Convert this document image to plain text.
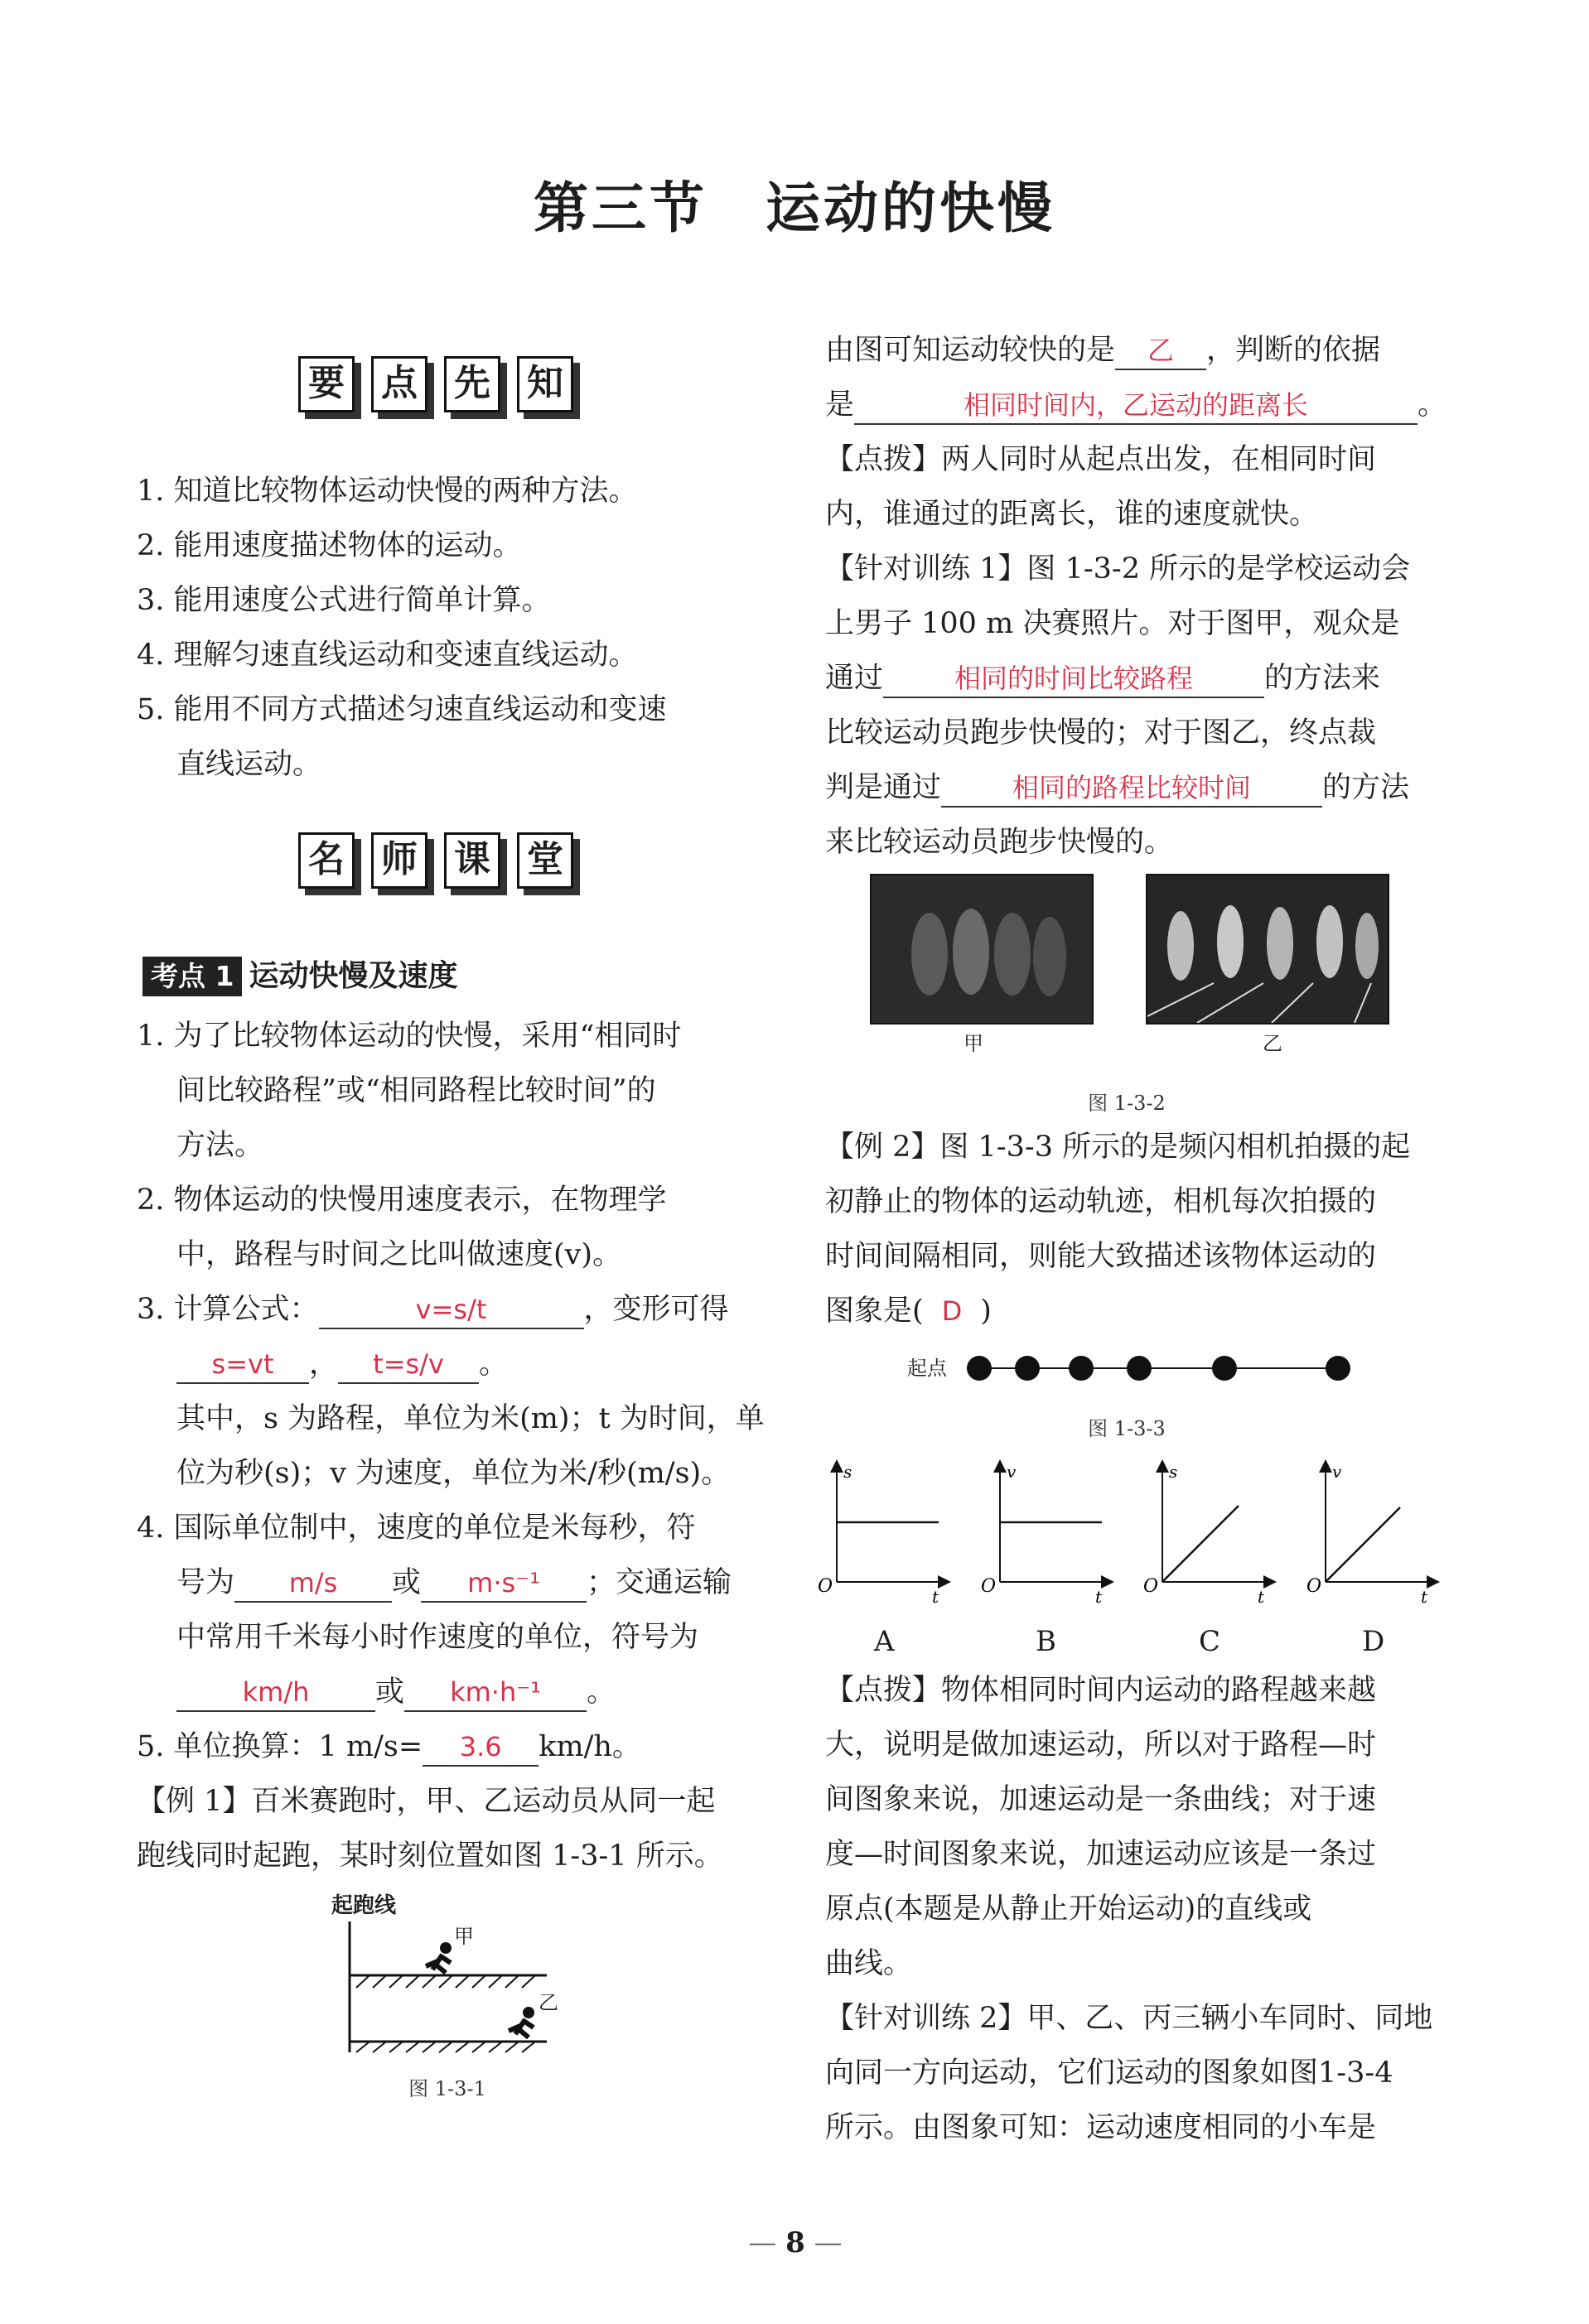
第三节　运动的快慢
要 点 先 知
1. 知道比较物体运动快慢的两种方法。
2. 能用速度描述物体的运动。
3. 能用速度公式进行简单计算。
4. 理解匀速直线运动和变速直线运动。
5. 能用不同方式描述匀速直线运动和变速
直线运动。
名 师 课 堂
考点 1 运动快慢及速度
1. 为了比较物体运动的快慢，采用“相同时
间比较路程”或“相同路程比较时间”的
方法。
2. 物体运动的快慢用速度表示，在物理学
中，路程与时间之比叫做速度(v)。
3. 计算公式：	v=s/t	，变形可得
s=vt ， t=s/v 。
其中，s 为路程，单位为米(m)；t 为时间，单
位为秒(s)；v 为速度，单位为米/秒(m/s)。
4. 国际单位制中，速度的单位是米每秒，符
号为 m/s 或 m·s⁻¹ ；交通运输
中常用千米每小时作速度的单位，符号为
km/h 或 km·h⁻¹ 。
5. 单位换算：1 m/s= 3.6 km/h。
【例 1】百米赛跑时，甲、乙运动员从同一起
跑线同时起跑，某时刻位置如图 1-3-1 所示。
起跑线
甲
乙
图 1-3-1
由图可知运动较快的是 乙 ，判断的依据
是	相同时间内，乙运动的距离长	。
【点拨】两人同时从起点出发，在相同时间
内，谁通过的距离长，谁的速度就快。
【针对训练 1】图 1-3-2 所示的是学校运动会
上男子 100 m 决赛照片。对于图甲，观众是
通过	相同的时间比较路程 的方法来
比较运动员跑步快慢的；对于图乙，终点裁
判是通过	相同的路程比较时间 的方法
来比较运动员跑步快慢的。
甲	乙
图 1-3-2
【例 2】图 1-3-3 所示的是频闪相机拍摄的起
初静止的物体的运动轨迹，相机每次拍摄的
时间间隔相同，则能大致描述该物体运动的
图象是( D )
起点
图 1-3-3
s
t
O
v
t
O
s
t
O
v
t
O
A	B	C	D
【点拨】物体相同时间内运动的路程越来越
大，说明是做加速运动，所以对于路程—时
间图象来说，加速运动是一条曲线；对于速
度—时间图象来说，加速运动应该是一条过
原点(本题是从静止开始运动)的直线或
曲线。
【针对训练 2】甲、乙、丙三辆小车同时、同地
向同一方向运动，它们运动的图象如图1-3-4
所示。由图象可知：运动速度相同的小车是
— 8 —
